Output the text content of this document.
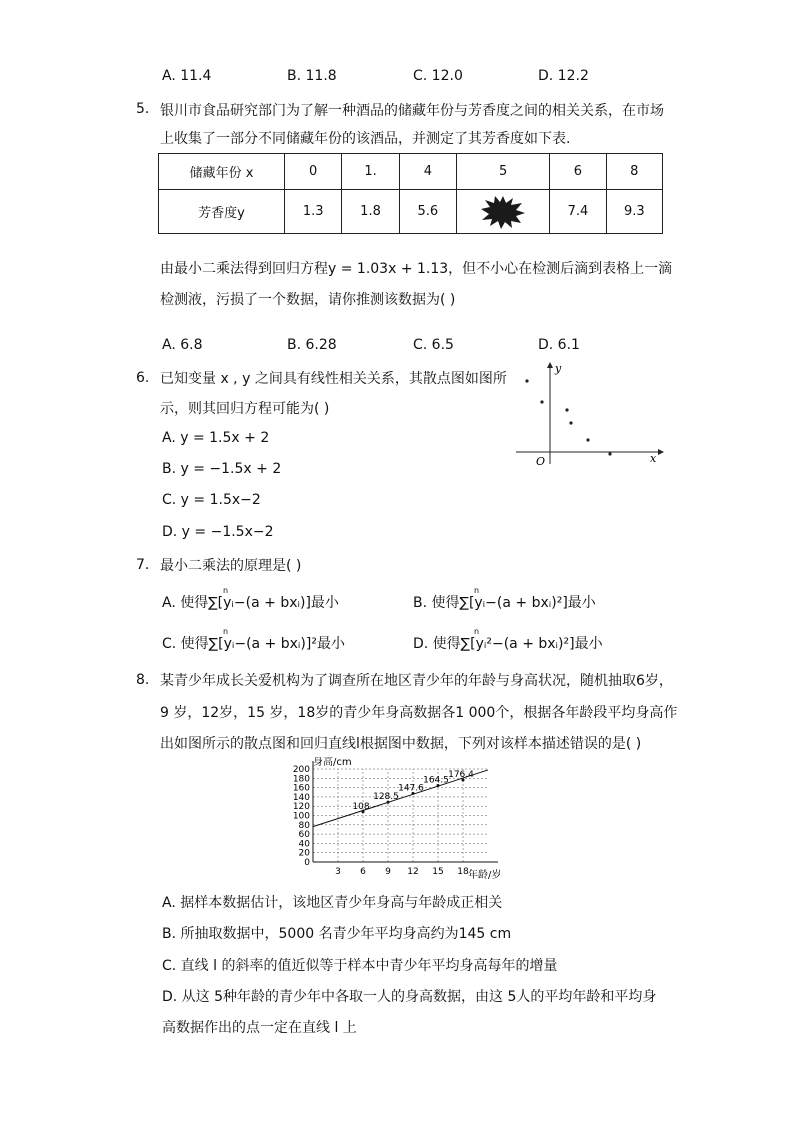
A. 11.4	B. 11.8	C. 12.0	D. 12.2
5. 银川市食品研究部门为了解一种酒品的储藏年份与芳香度之间的相关关系，在市场
上收集了一部分不同储藏年份的该酒品，并测定了其芳香度如下表.
储藏年份 x	0	1.	4	5	6	8
芳香度y	1.3	1.8	5.6		7.4	9.3
由最小二乘法得到回归方程y = 1.03x + 1.13，但不小心在检测后滴到表格上一滴
检测液，污损了一个数据，请你推测该数据为( )
A. 6.8	B. 6.28	C. 6.5	D. 6.1
6. 已知变量 x , y 之间具有线性相关关系，其散点图如图所
示，则其回归方程可能为( )
A. y = 1.5x + 2
B. y = −1.5x + 2
C. y = 1.5x−2
D. y = −1.5x−2
y
x
O
7. 最小二乘法的原理是( )
A. 使得∑[yᵢ−(a + bxᵢ)]最小	B. 使得∑[yᵢ−(a + bxᵢ)²]最小
C. 使得∑[yᵢ−(a + bxᵢ)]²最小	D. 使得∑[yᵢ²−(a + bxᵢ)²]最小
n	n
n	n
8. 某青少年成长关爱机构为了调查所在地区青少年的年龄与身高状况，随机抽取6岁，
9 岁，12岁，15 岁，18岁的青少年身高数据各1 000个，根据各年龄段平均身高作
出如图所示的散点图和回归直线l根据图中数据，下列对该样本描述错误的是( )
0
20
40
60
80
100
120
140
160
180
200
3 6 9 12 15 18
108
128.5
147.6
164.5
176.4
身高/cm
年龄/岁
A. 据样本数据估计，该地区青少年身高与年龄成正相关
B. 所抽取数据中，5000 名青少年平均身高约为145 cm
C. 直线 l 的斜率的值近似等于样本中青少年平均身高每年的增量
D. 从这 5种年龄的青少年中各取一人的身高数据，由这 5人的平均年龄和平均身
高数据作出的点一定在直线 l 上
